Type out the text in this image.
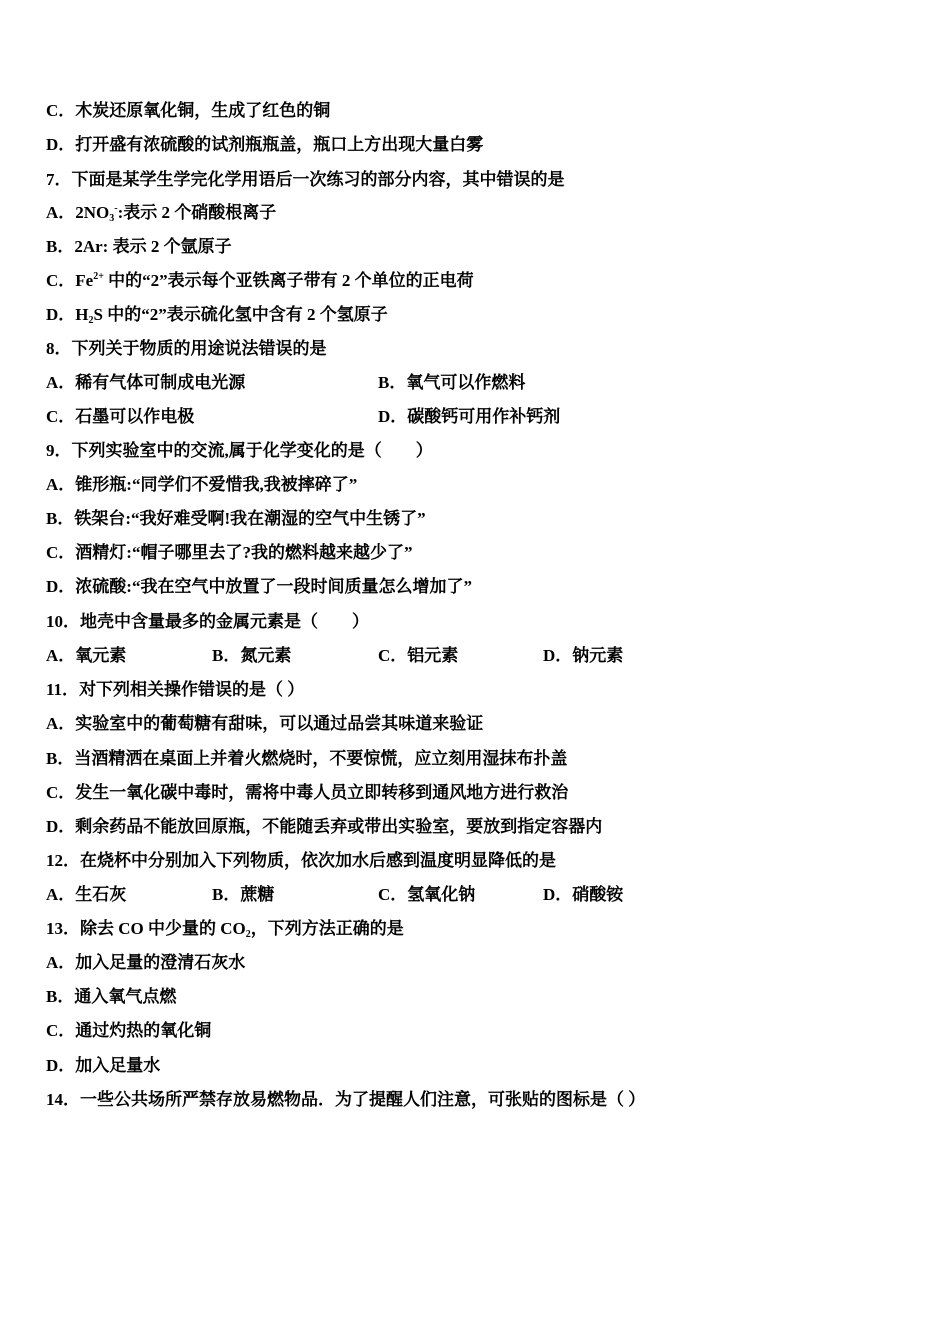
C．木炭还原氧化铜，生成了红色的铜
D．打开盛有浓硫酸的试剂瓶瓶盖，瓶口上方出现大量白雾
7．下面是某学生学完化学用语后一次练习的部分内容，其中错误的是
A．$2NO_3^-$:表示 2 个硝酸根离子
B．2Ar: 表示 2 个氩原子
C．$Fe^{2+}$ 中的“2”表示每个亚铁离子带有 2 个单位的正电荷
D．$H_2S$ 中的“2”表示硫化氢中含有 2 个氢原子
8．下列关于物质的用途说法错误的是
A．稀有气体可制成电光源	B．氧气可以作燃料
C．石墨可以作电极	D．碳酸钙可用作补钙剂
9．下列实验室中的交流,属于化学变化的是（　　）
A．锥形瓶:“同学们不爱惜我,我被摔碎了”
B．铁架台:“我好难受啊!我在潮湿的空气中生锈了”
C．酒精灯:“帽子哪里去了?我的燃料越来越少了”
D．浓硫酸:“我在空气中放置了一段时间质量怎么增加了”
10．地壳中含量最多的金属元素是（　　）
A．氧元素	B．氮元素	C．铝元素	D．钠元素
11．对下列相关操作错误的是（ ）
A．实验室中的葡萄糖有甜味，可以通过品尝其味道来验证
B．当酒精洒在桌面上并着火燃烧时，不要惊慌，应立刻用湿抹布扑盖
C．发生一氧化碳中毒时，需将中毒人员立即转移到通风地方进行救治
D．剩余药品不能放回原瓶，不能随丢弃或带出实验室，要放到指定容器内
12．在烧杯中分别加入下列物质，依次加水后感到温度明显降低的是
A．生石灰	B．蔗糖	C．氢氧化钠	D．硝酸铵
13．除去 CO 中少量的 $CO_2$，下列方法正确的是
A．加入足量的澄清石灰水
B．通入氧气点燃
C．通过灼热的氧化铜
D．加入足量水
14．一些公共场所严禁存放易燃物品．为了提醒人们注意，可张贴的图标是（ ）
